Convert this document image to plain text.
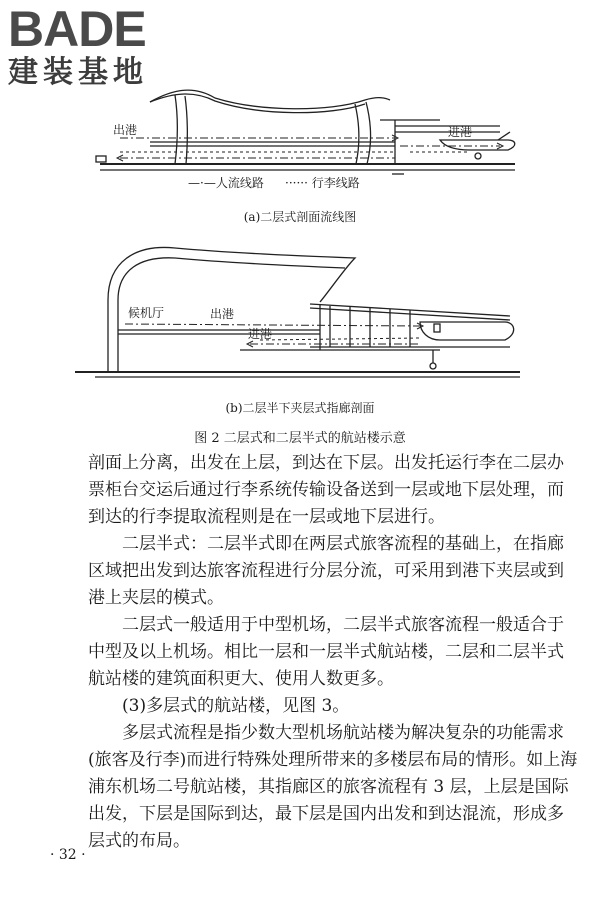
BADE
建装基地
出港	进港
—·—人流线路 ······ 行李线路
候机厅	出港
进港
(a)二层式剖面流线图
(b)二层半下夹层式指廊剖面
图 2 二层式和二层半式的航站楼示意

剖面上分离，出发在上层，到达在下层。出发托运行李在二层办票柜台交运后通过行李系统传输设备送到一层或地下层处理，而到达的行李提取流程则是在一层或地下层进行。

二层半式：二层半式即在两层式旅客流程的基础上，在指廊区域把出发到达旅客流程进行分层分流，可采用到港下夹层或到港上夹层的模式。

二层式一般适用于中型机场，二层半式旅客流程一般适合于中型及以上机场。相比一层和一层半式航站楼，二层和二层半式航站楼的建筑面积更大、使用人数更多。

(3)多层式的航站楼，见图 3。

多层式流程是指少数大型机场航站楼为解决复杂的功能需求(旅客及行李)而进行特殊处理所带来的多楼层布局的情形。如上海浦东机场二号航站楼，其指廊区的旅客流程有 3 层，上层是国际出发，下层是国际到达，最下层是国内出发和到达混流，形成多层式的布局。

· 32 ·
